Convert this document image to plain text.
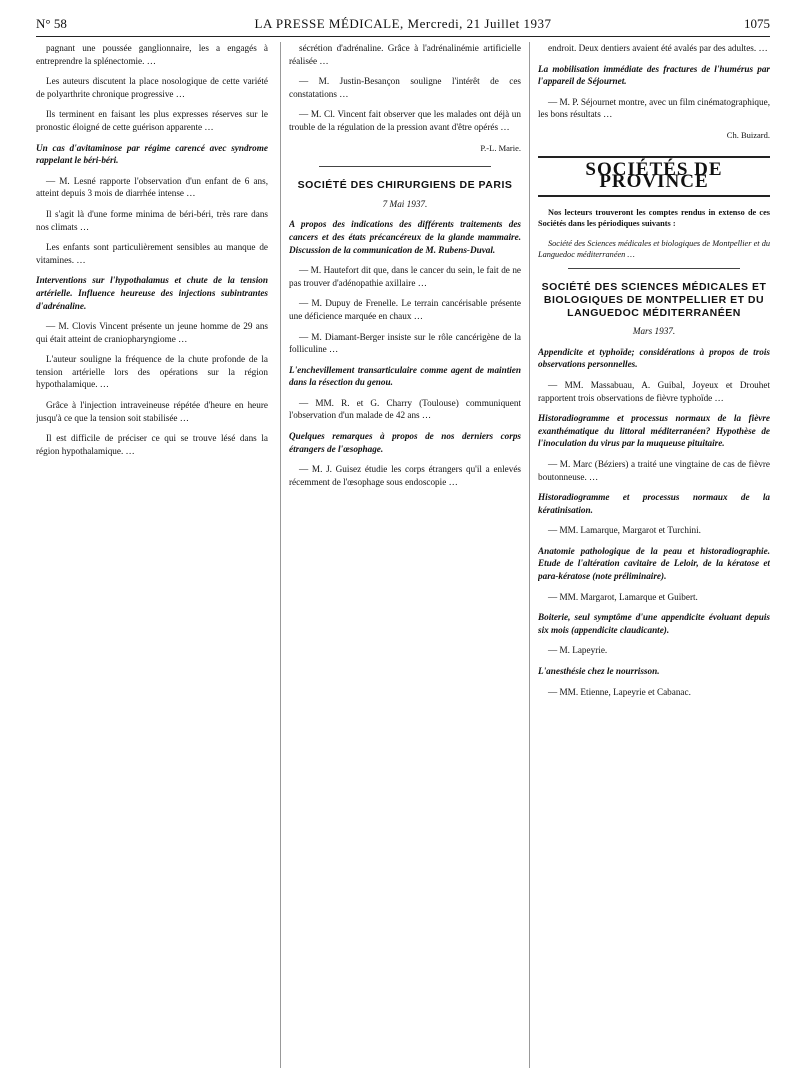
N° 58	LA PRESSE MÉDICALE, Mercredi, 21 Juillet 1937	1075

pagnant une poussée ganglionnaire, les a engagés à entreprendre la splénectomie. …

Les auteurs discutent la place nosologique de cette variété de polyarthrite chronique progressive …

Ils terminent en faisant les plus expresses réserves sur le pronostic éloigné de cette guérison apparente …

Un cas d'avitaminose par régime carencé avec syndrome rappelant le béri-béri.

— M. Lesné rapporte l'observation d'un enfant de 6 ans, atteint depuis 3 mois de diarrhée intense …

Il s'agit là d'une forme minima de béri-béri, très rare dans nos climats …

Les enfants sont particulièrement sensibles au manque de vitamines. …

Interventions sur l'hypothalamus et chute de la tension artérielle. Influence heureuse des injections subintrantes d'adrénaline.

— M. Clovis Vincent présente un jeune homme de 29 ans qui était atteint de craniopharyngiome …

L'auteur souligne la fréquence de la chute profonde de la tension artérielle lors des opérations sur la région hypothalamique. …

Grâce à l'injection intraveineuse répétée d'heure en heure jusqu'à ce que la tension soit stabilisée …

Il est difficile de préciser ce qui se trouve lésé dans la région hypothalamique. …

sécrétion d'adrénaline. Grâce à l'adrénalinémie artificielle réalisée …

— M. Justin-Besançon souligne l'intérêt de ces constatations …

— M. Cl. Vincent fait observer que les malades ont déjà un trouble de la régulation de la pression avant d'être opérés …

P.-L. Marie.

SOCIÉTÉ DES CHIRURGIENS DE PARIS
7 Mai 1937.

A propos des indications des différents traitements des cancers et des états précancéreux de la glande mammaire. Discussion de la communication de M. Rubens-Duval.

— M. Hautefort dit que, dans le cancer du sein, le fait de ne pas trouver d'adénopathie axillaire …

— M. Dupuy de Frenelle. Le terrain cancérisable présente une déficience marquée en chaux …

— M. Diamant-Berger insiste sur le rôle cancérigène de la folliculine …

L'enchevillement transarticulaire comme agent de maintien dans la résection du genou.

— MM. R. et G. Charry (Toulouse) communiquent l'observation d'un malade de 42 ans …

Quelques remarques à propos de nos derniers corps étrangers de l'œsophage.

— M. J. Guisez étudie les corps étrangers qu'il a enlevés récemment de l'œsophage sous endoscopie …

endroit. Deux dentiers avaient été avalés par des adultes. …

La mobilisation immédiate des fractures de l'humérus par l'appareil de Séjournet.

— M. P. Séjournet montre, avec un film cinématographique, les bons résultats …

Ch. Buizard.

SOCIÉTÉS DE PROVINCE

Nos lecteurs trouveront les comptes rendus in extenso de ces Sociétés dans les périodiques suivants :

Société des Sciences médicales et biologiques de Montpellier et du Languedoc méditerranéen …

SOCIÉTÉ DES SCIENCES MÉDICALES ET BIOLOGIQUES DE MONTPELLIER ET DU LANGUEDOC MÉDITERRANÉEN
Mars 1937.

Appendicite et typhoïde; considérations à propos de trois observations personnelles.

— MM. Massabuau, A. Guibal, Joyeux et Drouhet rapportent trois observations de fièvre typhoïde …

Historadiogramme et processus normaux de la fièvre exanthématique du littoral méditerranéen? Hypothèse de l'inoculation du virus par la muqueuse pituitaire.

— M. Marc (Béziers) a traité une vingtaine de cas de fièvre boutonneuse. …

Historadiogramme et processus normaux de la kératinisation.

— MM. Lamarque, Margarot et Turchini.

Anatomie pathologique de la peau et historadiographie. Etude de l'altération cavitaire de Leloir, de la kératose et para-kératose (note préliminaire).

— MM. Margarot, Lamarque et Guibert.

Boiterie, seul symptôme d'une appendicite évoluant depuis six mois (appendicite claudicante).

— M. Lapeyrie.

L'anesthésie chez le nourrisson.

— MM. Etienne, Lapeyrie et Cabanac.
